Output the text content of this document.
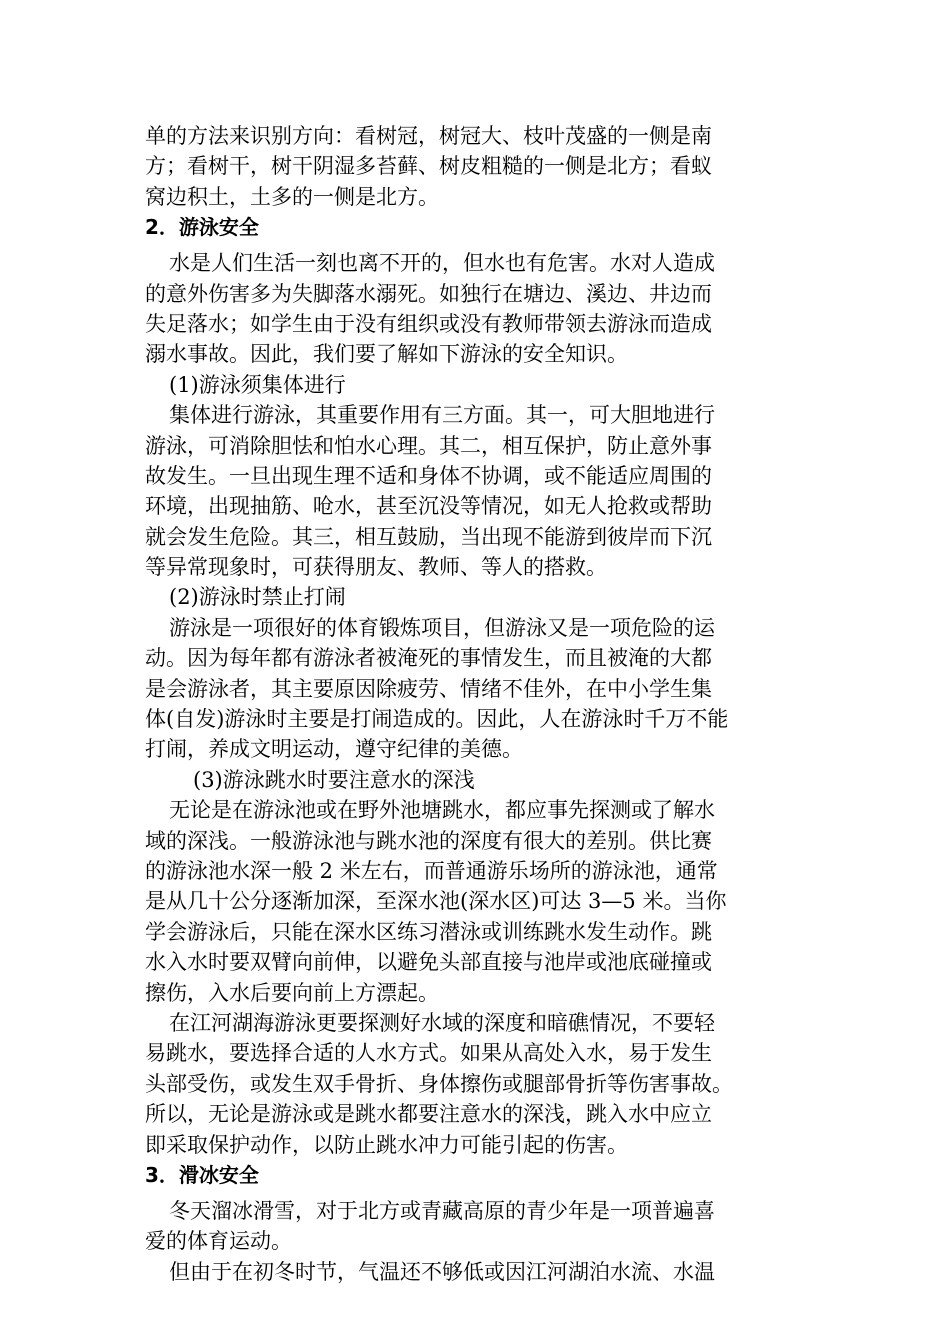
单的方法来识别方向：看树冠，树冠大、枝叶茂盛的一侧是南
方；看树干，树干阴湿多苔藓、树皮粗糙的一侧是北方；看蚁
窝边积土，土多的一侧是北方。
2．游泳安全
水是人们生活一刻也离不开的，但水也有危害。水对人造成
的意外伤害多为失脚落水溺死。如独行在塘边、溪边、井边而
失足落水；如学生由于没有组织或没有教师带领去游泳而造成
溺水事故。因此，我们要了解如下游泳的安全知识。
(1)游泳须集体进行
集体进行游泳，其重要作用有三方面。其一，可大胆地进行
游泳，可消除胆怯和怕水心理。其二，相互保护，防止意外事
故发生。一旦出现生理不适和身体不协调，或不能适应周围的
环境，出现抽筋、呛水，甚至沉没等情况，如无人抢救或帮助
就会发生危险。其三，相互鼓励，当出现不能游到彼岸而下沉
等异常现象时，可获得朋友、教师、等人的搭救。
(2)游泳时禁止打闹
游泳是一项很好的体育锻炼项目，但游泳又是一项危险的运
动。因为每年都有游泳者被淹死的事情发生，而且被淹的大都
是会游泳者，其主要原因除疲劳、情绪不佳外，在中小学生集
体(自发)游泳时主要是打闹造成的。因此，人在游泳时千万不能
打闹，养成文明运动，遵守纪律的美德。
(3)游泳跳水时要注意水的深浅
无论是在游泳池或在野外池塘跳水，都应事先探测或了解水
域的深浅。一般游泳池与跳水池的深度有很大的差别。供比赛
的游泳池水深一般 2 米左右，而普通游乐场所的游泳池，通常
是从几十公分逐渐加深，至深水池(深水区)可达 3—5 米。当你
学会游泳后，只能在深水区练习潜泳或训练跳水发生动作。跳
水入水时要双臂向前伸，以避免头部直接与池岸或池底碰撞或
擦伤，入水后要向前上方漂起。
在江河湖海游泳更要探测好水域的深度和暗礁情况，不要轻
易跳水，要选择合适的人水方式。如果从高处入水，易于发生
头部受伤，或发生双手骨折、身体擦伤或腿部骨折等伤害事故。
所以，无论是游泳或是跳水都要注意水的深浅，跳入水中应立
即采取保护动作，以防止跳水冲力可能引起的伤害。
3．滑冰安全
冬天溜冰滑雪，对于北方或青藏高原的青少年是一项普遍喜
爱的体育运动。
但由于在初冬时节，气温还不够低或因江河湖泊水流、水温
